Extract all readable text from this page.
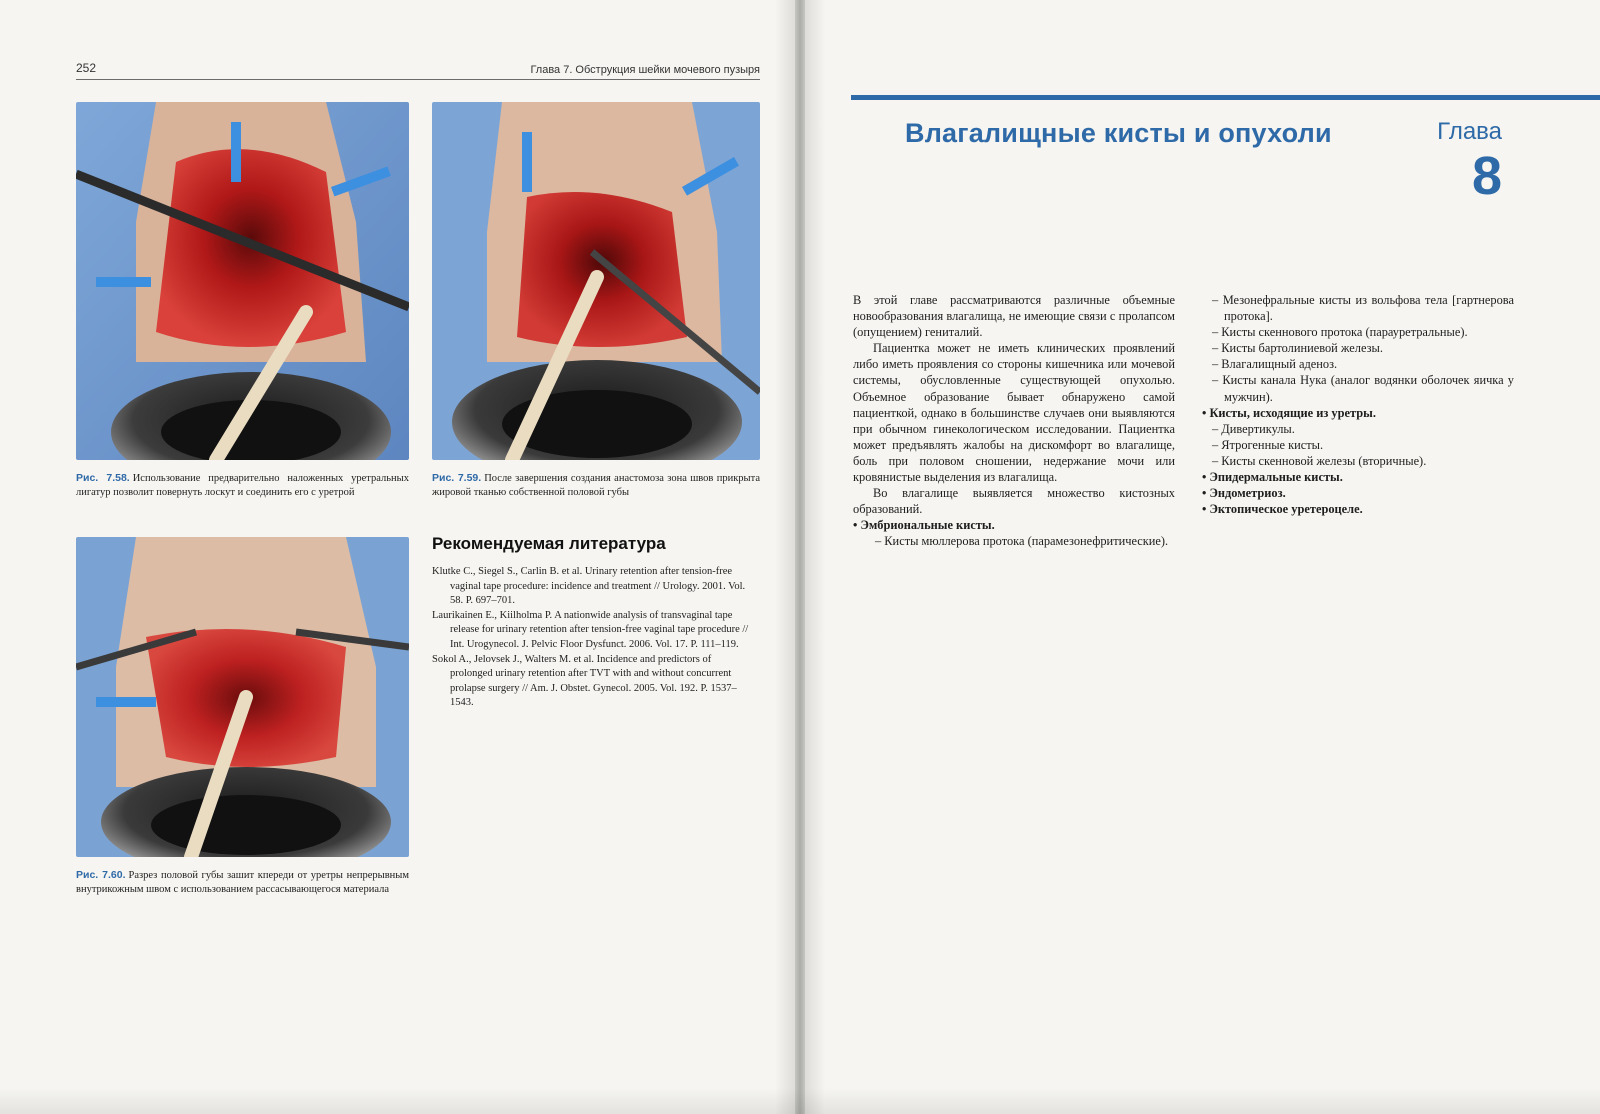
252	Глава 7. Обструкция шейки мочевого пузыря
Рис. 7.58. Использование предварительно наложенных уретральных лигатур позволит повернуть лоскут и соединить его с уретрой
Рис. 7.59. После завершения создания анастомоза зона швов прикрыта жировой тканью собственной половой губы
Рис. 7.60. Разрез половой губы зашит кпереди от уретры непрерывным внутрикожным швом с использованием рассасывающегося материала
Рекомендуемая литература
Klutke C., Siegel S., Carlin B. et al. Urinary retention after tension-free vaginal tape procedure: incidence and treatment // Urology. 2001. Vol. 58. P. 697–701.
Laurikainen E., Kiilholma P. A nationwide analysis of transvaginal tape release for urinary retention after tension-free vaginal tape procedure // Int. Urogynecol. J. Pelvic Floor Dysfunct. 2006. Vol. 17. P. 111–119.
Sokol A., Jelovsek J., Walters M. et al. Incidence and predictors of prolonged urinary retention after TVT with and without concurrent prolapse surgery // Am. J. Obstet. Gynecol. 2005. Vol. 192. P. 1537–1543.
Влагалищные кисты и опухоли	Глава
8

В этой главе рассматриваются различные объемные новообразования влагалища, не имеющие связи с пролапсом (опущением) гениталий.

Пациентка может не иметь клинических проявлений либо иметь проявления со стороны кишечника или мочевой системы, обусловленные существующей опухолью. Объемное образование бывает обнаружено самой пациенткой, однако в большинстве случаев они выявляются при обычном гинекологическом исследовании. Пациентка может предъявлять жалобы на дискомфорт во влагалище, боль при половом сношении, недержание мочи или кровянистые выделения из влагалища.

Во влагалище выявляется множество кистозных образований.

• Эмбриональные кисты.
– Кисты мюллерова протока (парамезонефритические).
– Мезонефральные кисты из вольфова тела [гартнерова протока].
– Кисты скеннового протока (парауретральные).
– Кисты бартолиниевой железы.
– Влагалищный аденоз.
– Кисты канала Нука (аналог водянки оболочек яичка у мужчин).
• Кисты, исходящие из уретры.
– Дивертикулы.
– Ятрогенные кисты.
– Кисты скенновой железы (вторичные).
• Эпидермальные кисты.
• Эндометриоз.
• Эктопическое уретероцеле.
